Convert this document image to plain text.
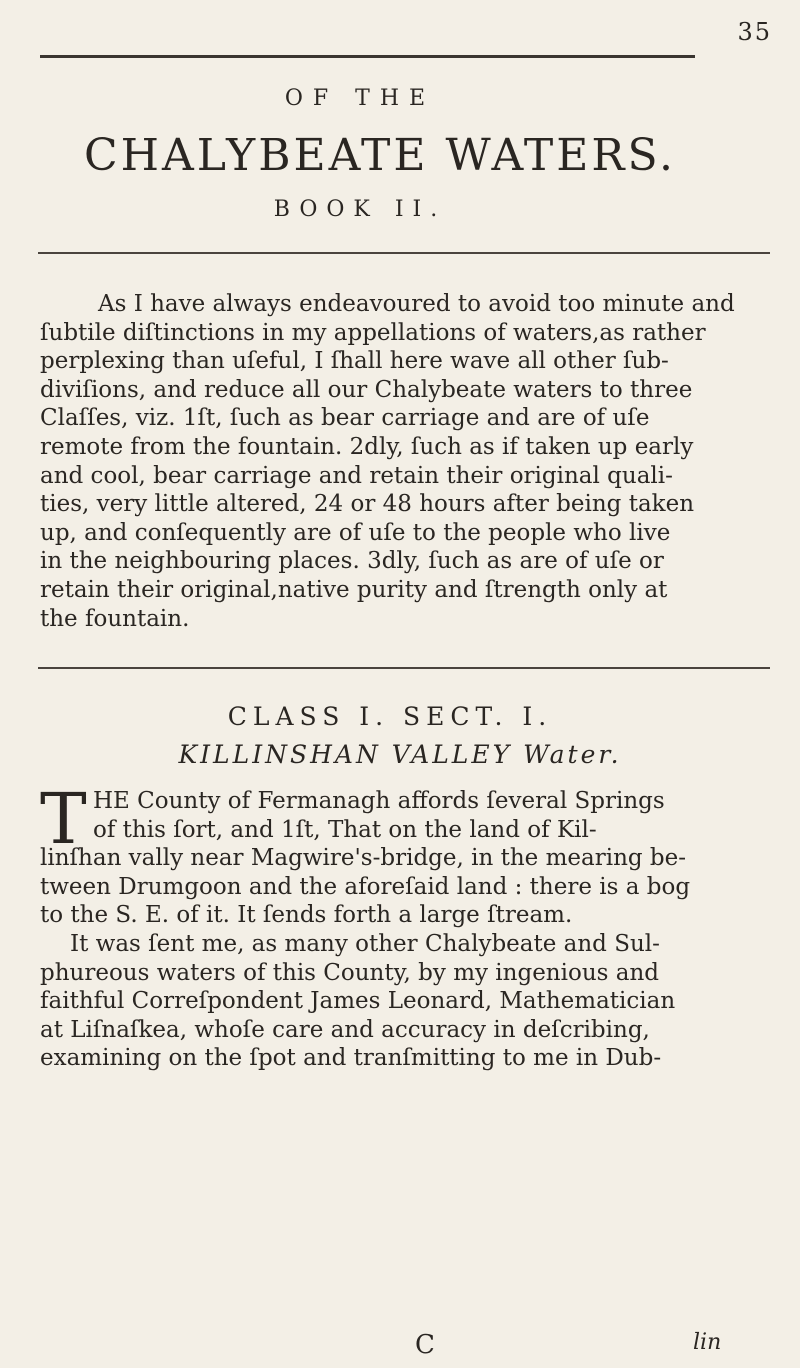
35
OF THE
CHALYBEATE WATERS.
BOOK II.
As I have always endeavoured to avoid too minute and
ſubtile diſtinctions in my appellations of waters,as rather
perplexing than uſeful, I ſhall here wave all other ſub-
diviſions, and reduce all our Chalybeate waters to three
Claſſes, viz. 1ſt, ſuch as bear carriage and are of uſe
remote from the fountain. 2dly, ſuch as if taken up early
and cool, bear carriage and retain their original quali-
ties, very little altered, 24 or 48 hours after being taken
up, and conſequently are of uſe to the people who live
in the neighbouring places. 3dly, ſuch as are of uſe or
retain their original,native purity and ſtrength only at
the fountain.
CLASS I. SECT. I.
KILLINSHAN VALLEY Water.
T HE County of Fermanagh affords ſeveral Springs
of this ſort, and 1ſt, That on the land of Kil-
linſhan vally near Magwire's-bridge, in the mearing be-
tween Drumgoon and the aforeſaid land : there is a bog
to the S. E. of it. It ſends forth a large ſtream.
It was ſent me, as many other Chalybeate and Sul-
phureous waters of this County, by my ingenious and
faithful Correſpondent James Leonard, Mathematician
at Liſnaſkea, whoſe care and accuracy in deſcribing,
examining on the ſpot and tranſmitting to me in Dub-
C	lin
